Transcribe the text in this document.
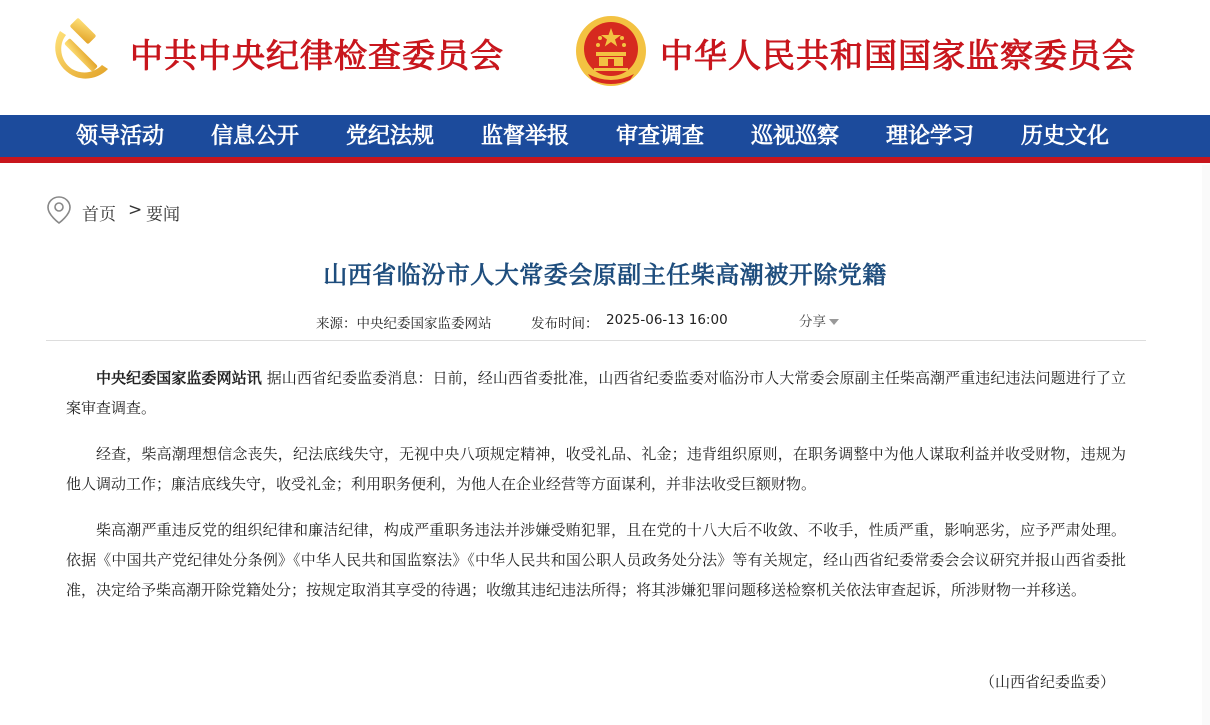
中共中央纪律检查委员会	中华人民共和国国家监察委员会
领导活动 信息公开 党纪法规 监督举报 审查调查 巡视巡察 理论学习 历史文化
首页 > 要闻
山西省临汾市人大常委会原副主任柴高潮被开除党籍
来源：中央纪委国家监委网站	发布时间： 2025-06-13 16:00	分享

中央纪委国家监委网站讯 据山西省纪委监委消息：日前，经山西省委批准，山西省纪委监委对临汾市人大常委会原副主任柴高潮严重违纪违法问题进行了立案审查调查。

经查，柴高潮理想信念丧失，纪法底线失守，无视中央八项规定精神，收受礼品、礼金；违背组织原则，在职务调整中为他人谋取利益并收受财物，违规为他人调动工作；廉洁底线失守，收受礼金；利用职务便利，为他人在企业经营等方面谋利，并非法收受巨额财物。

柴高潮严重违反党的组织纪律和廉洁纪律，构成严重职务违法并涉嫌受贿犯罪，且在党的十八大后不收敛、不收手，性质严重，影响恶劣，应予严肃处理。依据《中国共产党纪律处分条例》《中华人民共和国监察法》《中华人民共和国公职人员政务处分法》等有关规定，经山西省纪委常委会会议研究并报山西省委批准，决定给予柴高潮开除党籍处分；按规定取消其享受的待遇；收缴其违纪违法所得；将其涉嫌犯罪问题移送检察机关依法审查起诉，所涉财物一并移送。

（山西省纪委监委）
